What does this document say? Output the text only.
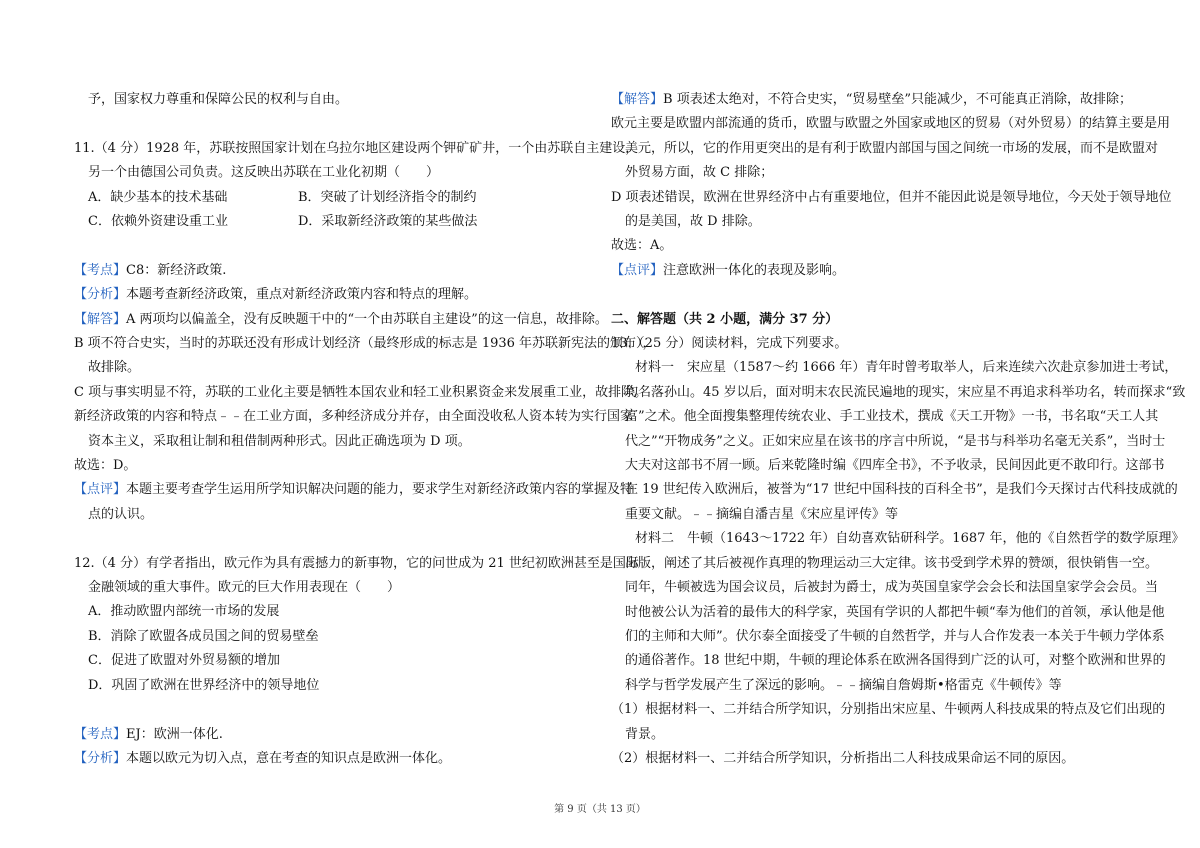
予，国家权力尊重和保障公民的权利与自由。
11.（4 分）1928 年，苏联按照国家计划在乌拉尔地区建设两个钾矿矿井，一个由苏联自主建设，
另一个由德国公司负责。这反映出苏联在工业化初期（　　）
A．缺少基本的技术基础	B．突破了计划经济指令的制约
C．依赖外资建设重工业	D．采取新经济政策的某些做法
【考点】C8：新经济政策.
【分析】本题考查新经济政策，重点对新经济政策内容和特点的理解。
【解答】A 两项均以偏盖全，没有反映题干中的“一个由苏联自主建设”的这一信息，故排除。
B 项不符合史实，当时的苏联还没有形成计划经济（最终形成的标志是 1936 年苏联新宪法的颁布），
故排除。
C 项与事实明显不符，苏联的工业化主要是牺牲本国农业和轻工业积累资金来发展重工业，故排除。
新经济政策的内容和特点﹣﹣在工业方面，多种经济成分并存，由全面没收私人资本转为实行国家
资本主义，采取租让制和租借制两种形式。因此正确选项为 D 项。
故选：D。
【点评】本题主要考查学生运用所学知识解决问题的能力，要求学生对新经济政策内容的掌握及特
点的认识。
12.（4 分）有学者指出，欧元作为具有震撼力的新事物，它的问世成为 21 世纪初欧洲甚至是国际
金融领域的重大事件。欧元的巨大作用表现在（　　）
A．推动欧盟内部统一市场的发展
B．消除了欧盟各成员国之间的贸易壁垒
C．促进了欧盟对外贸易额的增加
D．巩固了欧洲在世界经济中的领导地位
【考点】EJ：欧洲一体化.
【分析】本题以欧元为切入点，意在考查的知识点是欧洲一体化。
【解答】B 项表述太绝对，不符合史实，“贸易壁垒”只能减少，不可能真正消除，故排除；
欧元主要是欧盟内部流通的货币，欧盟与欧盟之外国家或地区的贸易（对外贸易）的结算主要是用
美元，所以，它的作用更突出的是有利于欧盟内部国与国之间统一市场的发展，而不是欧盟对
外贸易方面，故 C 排除；
D 项表述错误，欧洲在世界经济中占有重要地位，但并不能因此说是领导地位，今天处于领导地位
的是美国，故 D 排除。
故选：A。
【点评】注意欧洲一体化的表现及影响。
二、解答题（共 2 小题，满分 37 分）
13.（25 分）阅读材料，完成下列要求。
材料一　宋应星（1587～约 1666 年）青年时曾考取举人，后来连续六次赴京参加进士考试，
均名落孙山。45 岁以后，面对明末农民流民遍地的现实，宋应星不再追求科举功名，转而探求“致
富”之术。他全面搜集整理传统农业、手工业技术，撰成《天工开物》一书，书名取“天工人其
代之”“开物成务”之义。正如宋应星在该书的序言中所说，“是书与科举功名毫无关系”，当时士
大夫对这部书不屑一顾。后来乾隆时编《四库全书》，不予收录，民间因此更不敢印行。这部书
在 19 世纪传入欧洲后，被誉为“17 世纪中国科技的百科全书”，是我们今天探讨古代科技成就的
重要文献。﹣﹣摘编自潘吉星《宋应星评传》等
材料二　牛顿（1643～1722 年）自幼喜欢钻研科学。1687 年，他的《自然哲学的数学原理》
出版，阐述了其后被视作真理的物理运动三大定律。该书受到学术界的赞颂，很快销售一空。
同年，牛顿被选为国会议员，后被封为爵士，成为英国皇家学会会长和法国皇家学会会员。当
时他被公认为活着的最伟大的科学家，英国有学识的人都把牛顿“奉为他们的首领，承认他是他
们的主师和大师”。伏尔泰全面接受了牛顿的自然哲学，并与人合作发表一本关于牛顿力学体系
的通俗著作。18 世纪中期，牛顿的理论体系在欧洲各国得到广泛的认可，对整个欧洲和世界的
科学与哲学发展产生了深远的影响。﹣﹣摘编自詹姆斯•格雷克《牛顿传》等
（1）根据材料一、二并结合所学知识，分别指出宋应星、牛顿两人科技成果的特点及它们出现的
背景。
（2）根据材料一、二并结合所学知识，分析指出二人科技成果命运不同的原因。
第 9 页（共 13 页）
